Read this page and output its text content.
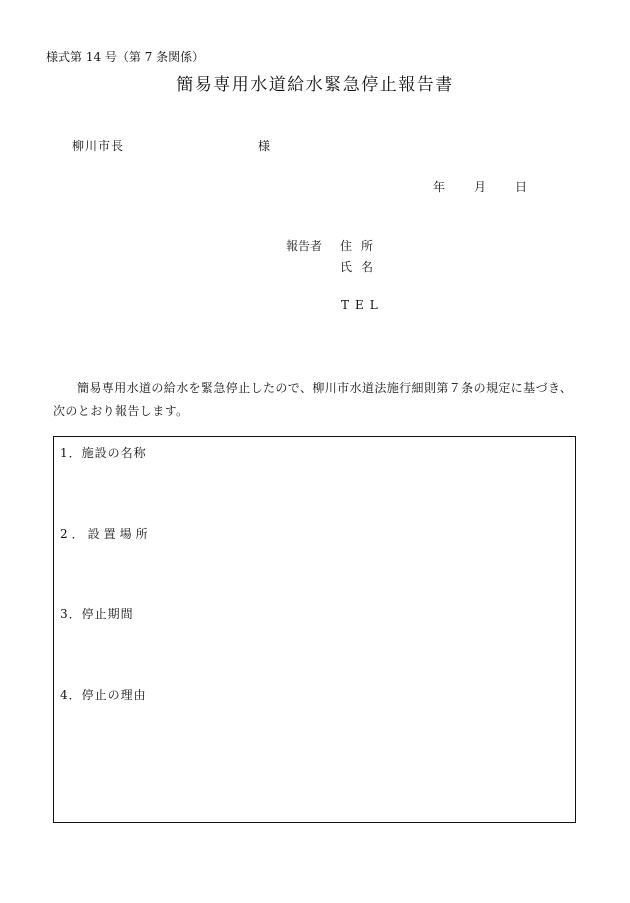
様式第 14 号（第 7 条関係）
簡易専用水道給水緊急停止報告書
柳川市長	様
年 月 日
報告者 住所
氏名
TEL
簡易専用水道の給水を緊急停止したので、柳川市水道法施行細則第７条の規定に基づき、次のとおり報告します。
1．施設の名称
2．設置場所
3．停止期間
4．停止の理由
